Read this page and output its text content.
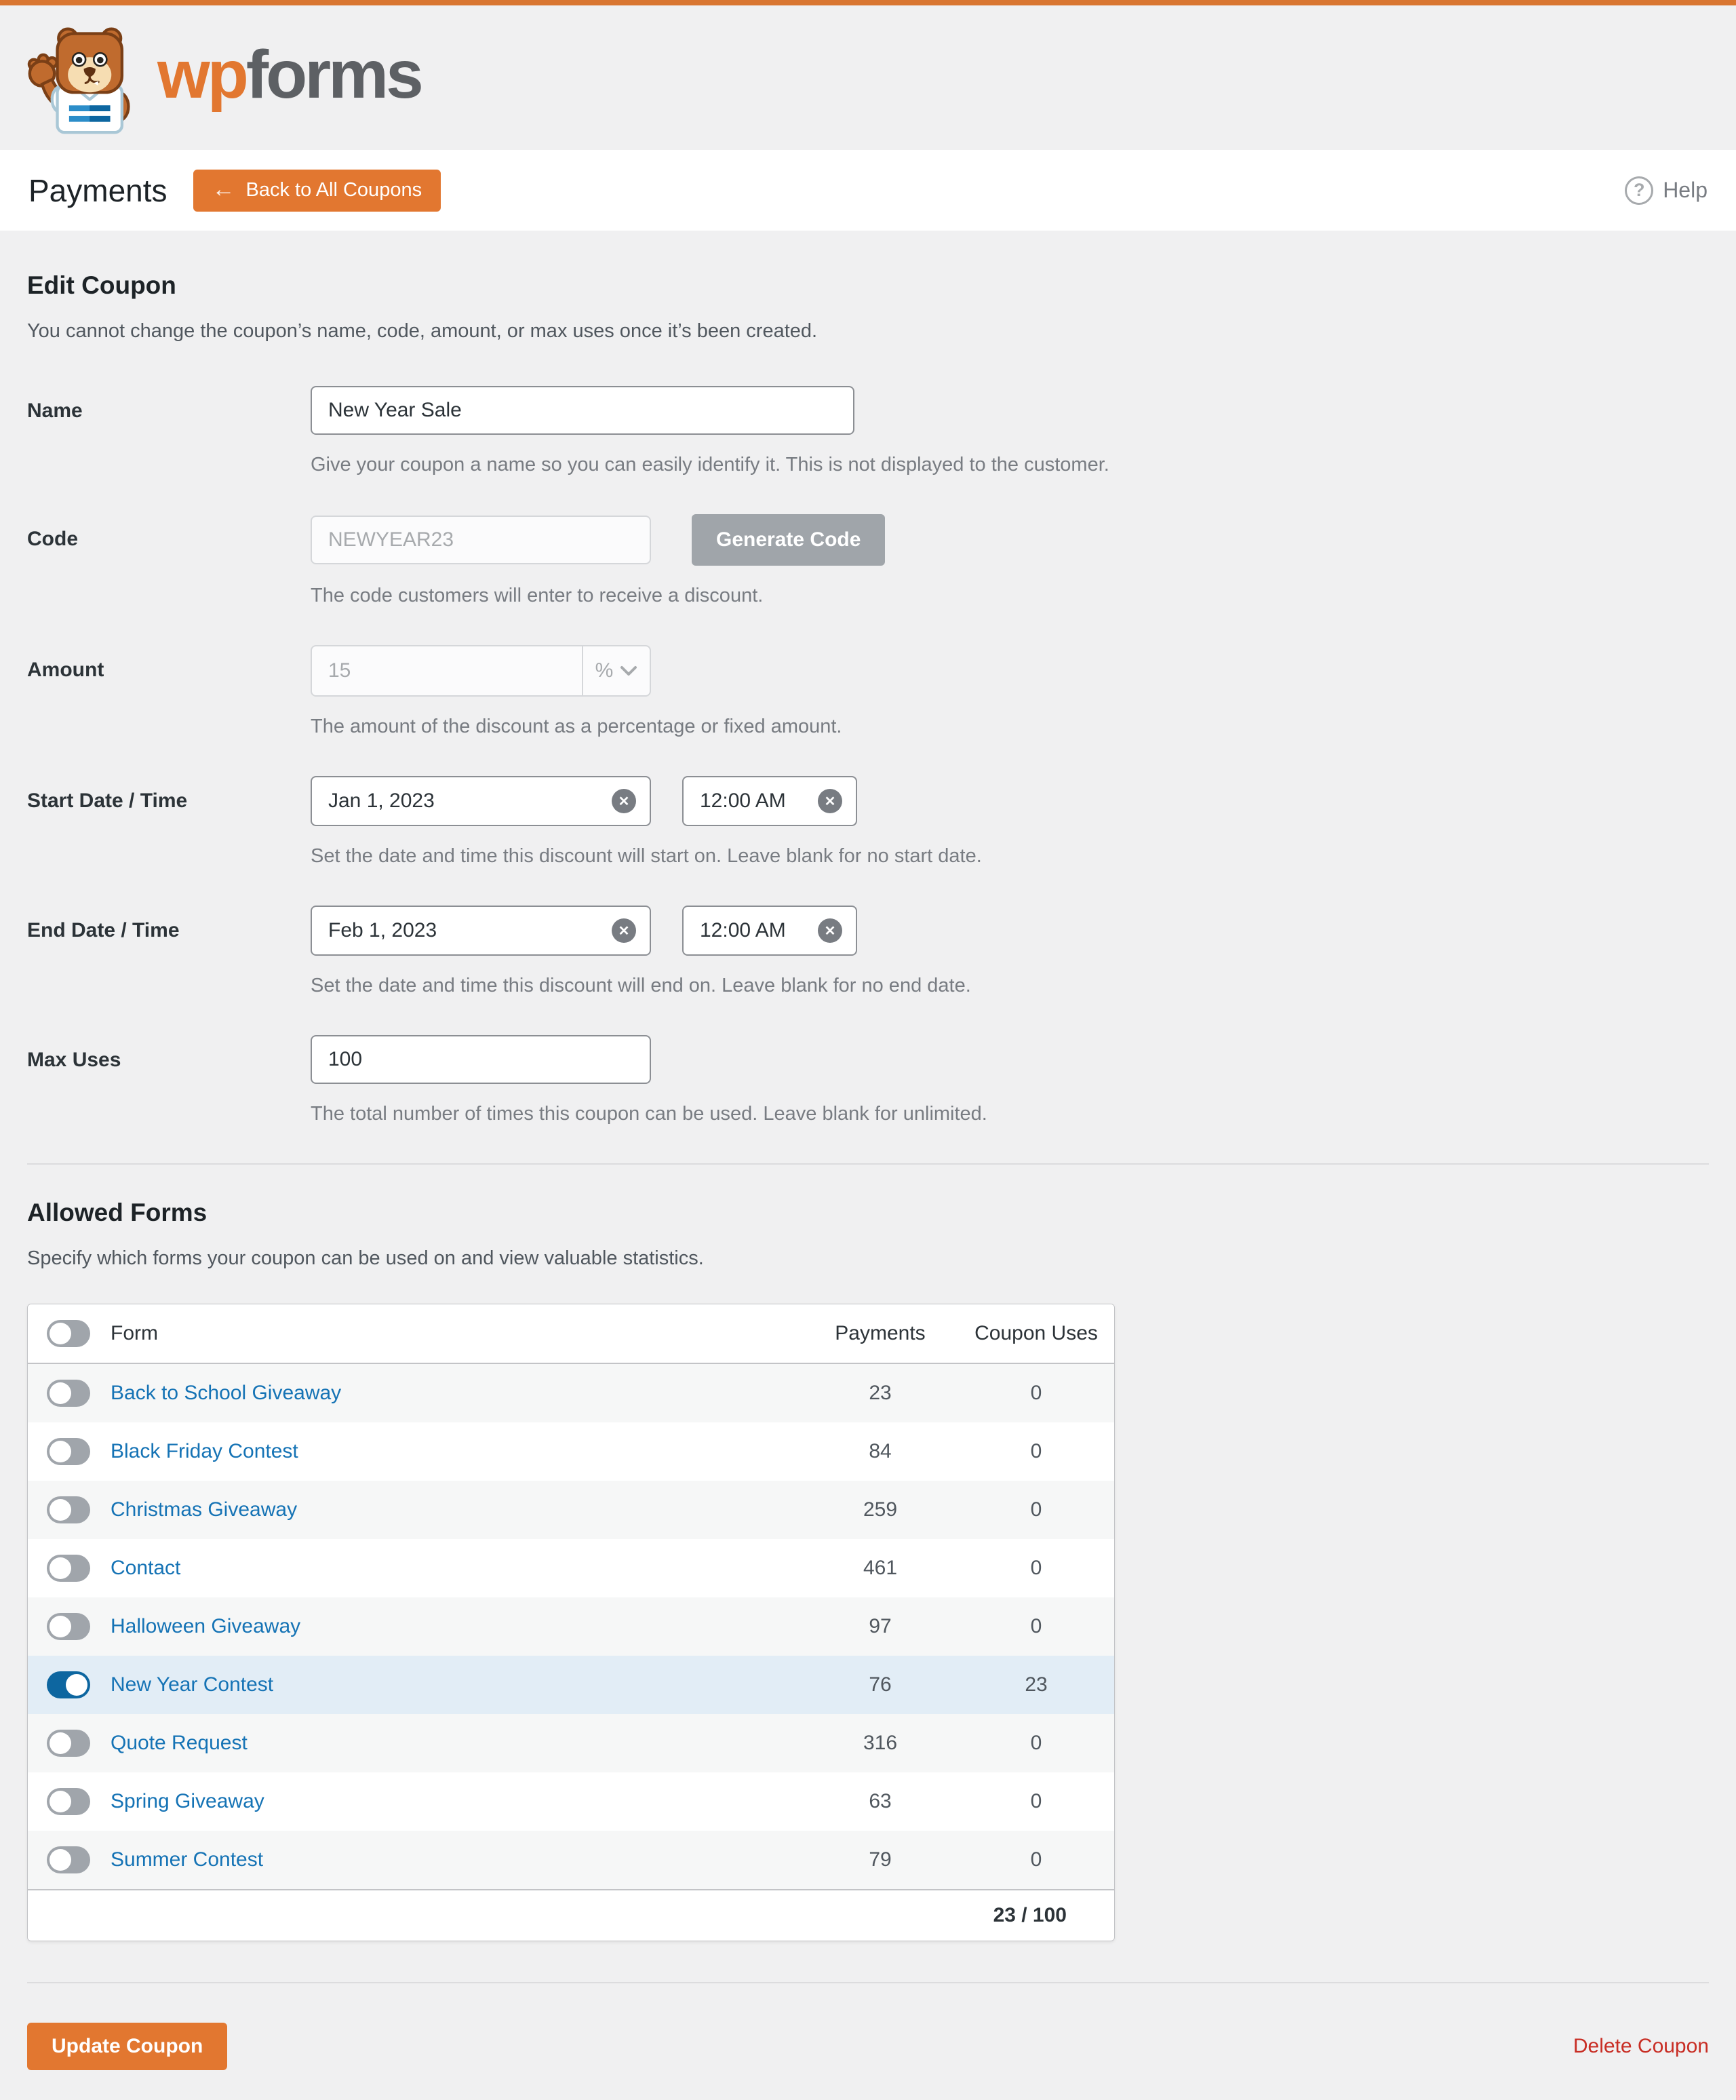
wpforms
Payments ← Back to All Coupons	? Help
Edit Coupon

You cannot change the coupon’s name, code, amount, or max uses once it’s been created.

Name
New Year Sale
Give your coupon a name so you can easily identify it. This is not displayed to the customer.
Code
NEWYEAR23	Generate Code
The code customers will enter to receive a discount.
Amount	15	%
The amount of the discount as a percentage or fixed amount.
Start Date / Time	Jan 1, 2023	✕	12:00 AM	✕
Set the date and time this discount will start on. Leave blank for no start date.
End Date / Time	Feb 1, 2023	✕	12:00 AM	✕
Set the date and time this discount will end on. Leave blank for no end date.
Max Uses
100
The total number of times this coupon can be used. Leave blank for unlimited.
Allowed Forms

Specify which forms your coupon can be used on and view valuable statistics.

Form	Payments	Coupon Uses
Back to School Giveaway	23	0
Black Friday Contest	84	0
Christmas Giveaway	259	0
Contact	461	0
Halloween Giveaway	97	0
New Year Contest	76	23
Quote Request	316	0
Spring Giveaway	63	0
Summer Contest	79	0
23 / 100
Update Coupon	Delete Coupon
